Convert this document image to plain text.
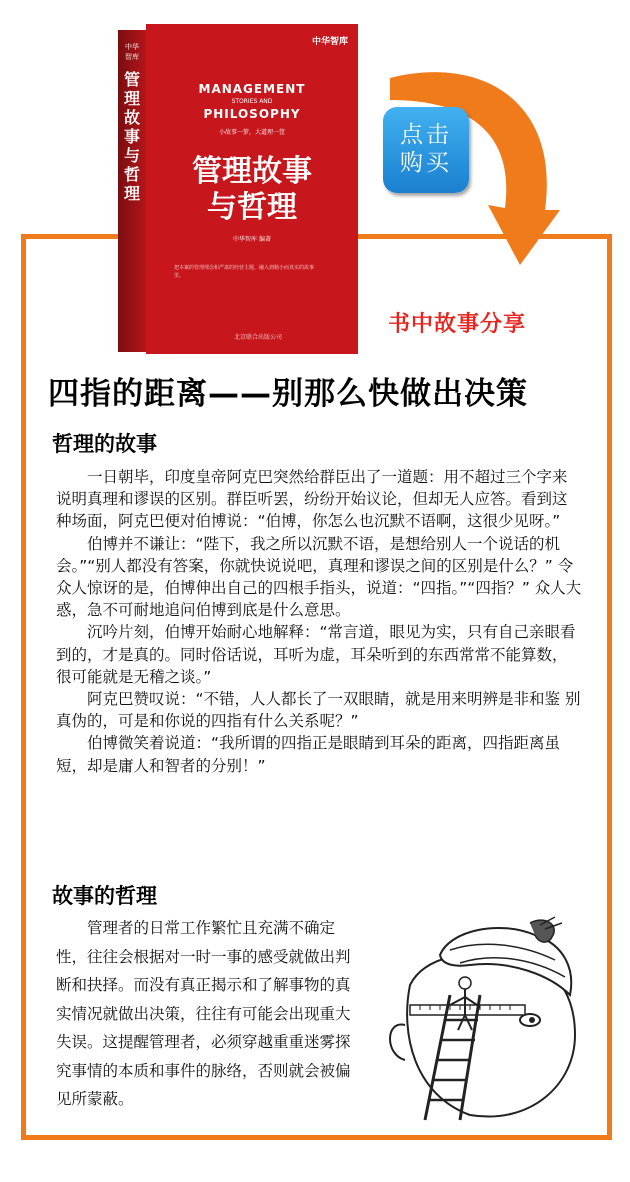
中华智库
管理故事与哲理
中华智库
MANAGEMENT
STORIES AND
PHILOSOPHY
小故事一箩，大道理一筐
管理故事
与哲理
中华智库 编著
把本案的管理理念和严肃的经营主题，融入到精小而真实的故事里。
北京联合出版公司
点击
购买
书中故事分享
四指的距离——别那么快做出决策
哲理的故事

一日朝毕，印度皇帝阿克巴突然给群臣出了一道题：用不超过三个字来说明真理和谬误的区别。群臣听罢，纷纷开始议论，但却无人应答。看到这种场面，阿克巴便对伯博说：“伯博，你怎么也沉默不语啊，这很少见呀。”

伯博并不谦让：“陛下，我之所以沉默不语，是想给别人一个说话的机 会。”“别人都没有答案，你就快说说吧，真理和谬误之间的区别是什么？” 令众人惊讶的是，伯博伸出自己的四根手指头，说道：“四指。”“四指？” 众人大惑，急不可耐地追问伯博到底是什么意思。

沉吟片刻，伯博开始耐心地解释：“常言道，眼见为实，只有自己亲眼看到的，才是真的。同时俗话说，耳听为虚，耳朵听到的东西常常不能算数，很可能就是无稽之谈。”

阿克巴赞叹说：“不错，人人都长了一双眼睛，就是用来明辨是非和鉴 别真伪的，可是和你说的四指有什么关系呢？”

伯博微笑着说道：“我所谓的四指正是眼睛到耳朵的距离，四指距离虽短，却是庸人和智者的分别！”

故事的哲理

管理者的日常工作繁忙且充满不确定性，往往会根据对一时一事的感受就做出判断和抉择。而没有真正揭示和了解事物的真实情况就做出决策，往往有可能会出现重大失误。这提醒管理者，必须穿越重重迷雾探究事情的本质和事件的脉络，否则就会被偏见所蒙蔽。
